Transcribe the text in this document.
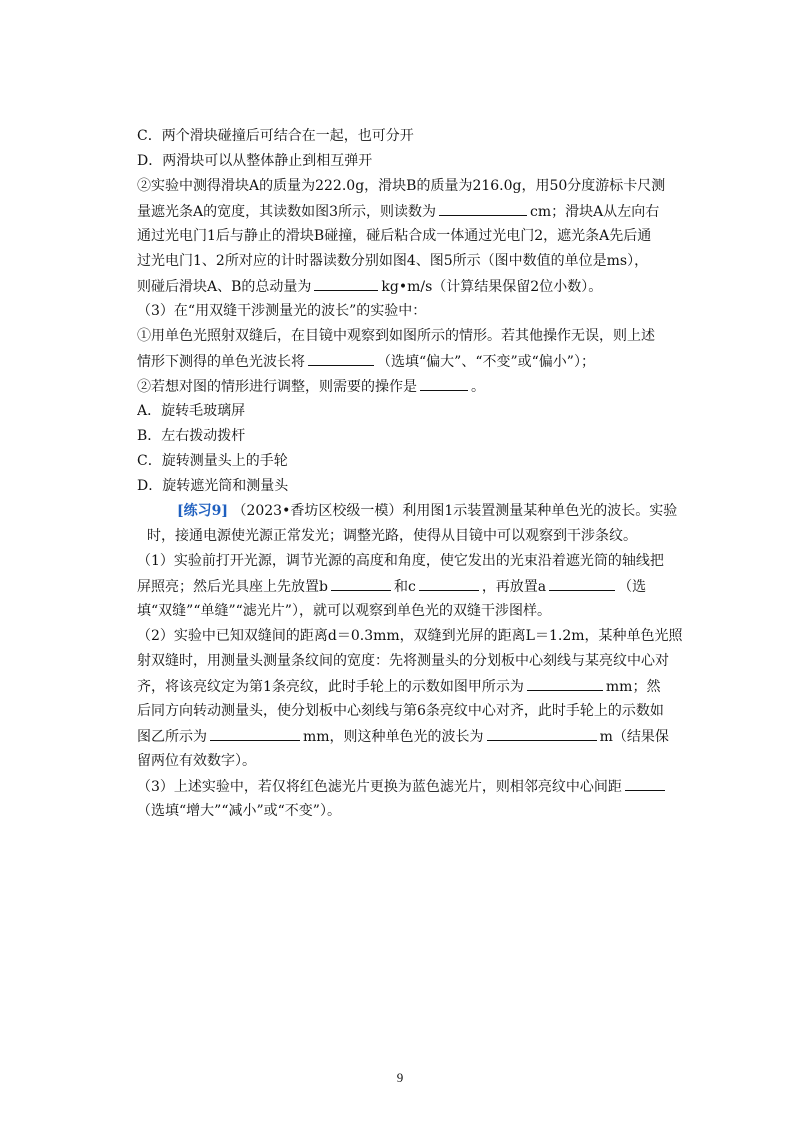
C．两个滑块碰撞后可结合在一起，也可分开
D．两滑块可以从整体静止到相互弹开
②实验中测得滑块A的质量为222.0g，滑块B的质量为216.0g，用50分度游标卡尺测
量遮光条A的宽度，其读数如图3所示，则读数为	cm；滑块A从左向右
通过光电门1后与静止的滑块B碰撞，碰后粘合成一体通过光电门2，遮光条A先后通
过光电门1、2所对应的计时器读数分别如图4、图5所示（图中数值的单位是ms），
则碰后滑块A、B的总动量为	kg•m/s（计算结果保留2位小数）。
（3）在“用双缝干涉测量光的波长”的实验中：
①用单色光照射双缝后，在目镜中观察到如图所示的情形。若其他操作无误，则上述
情形下测得的单色光波长将	（选填“偏大”、“不变”或“偏小”）；
②若想对图的情形进行调整，则需要的操作是	。
A．旋转毛玻璃屏
B．左右拨动拨杆
C．旋转测量头上的手轮
D．旋转遮光筒和测量头
[练习9] （2023•香坊区校级一模）利用图1示装置测量某种单色光的波长。实验
时，接通电源使光源正常发光；调整光路，使得从目镜中可以观察到干涉条纹。
（1）实验前打开光源，调节光源的高度和角度，使它发出的光束沿着遮光筒的轴线把
屏照亮；然后光具座上先放置b	和c	，再放置a	（选
填“双缝”“单缝”“滤光片”），就可以观察到单色光的双缝干涉图样。
（2）实验中已知双缝间的距离d＝0.3mm，双缝到光屏的距离L＝1.2m，某种单色光照
射双缝时，用测量头测量条纹间的宽度：先将测量头的分划板中心刻线与某亮纹中心对
齐，将该亮纹定为第1条亮纹，此时手轮上的示数如图甲所示为	mm；然
后同方向转动测量头，使分划板中心刻线与第6条亮纹中心对齐，此时手轮上的示数如
图乙所示为	mm，则这种单色光的波长为	m（结果保
留两位有效数字）。
（3）上述实验中，若仅将红色滤光片更换为蓝色滤光片，则相邻亮纹中心间距
（选填“增大”“减小”或“不变”）。
9
